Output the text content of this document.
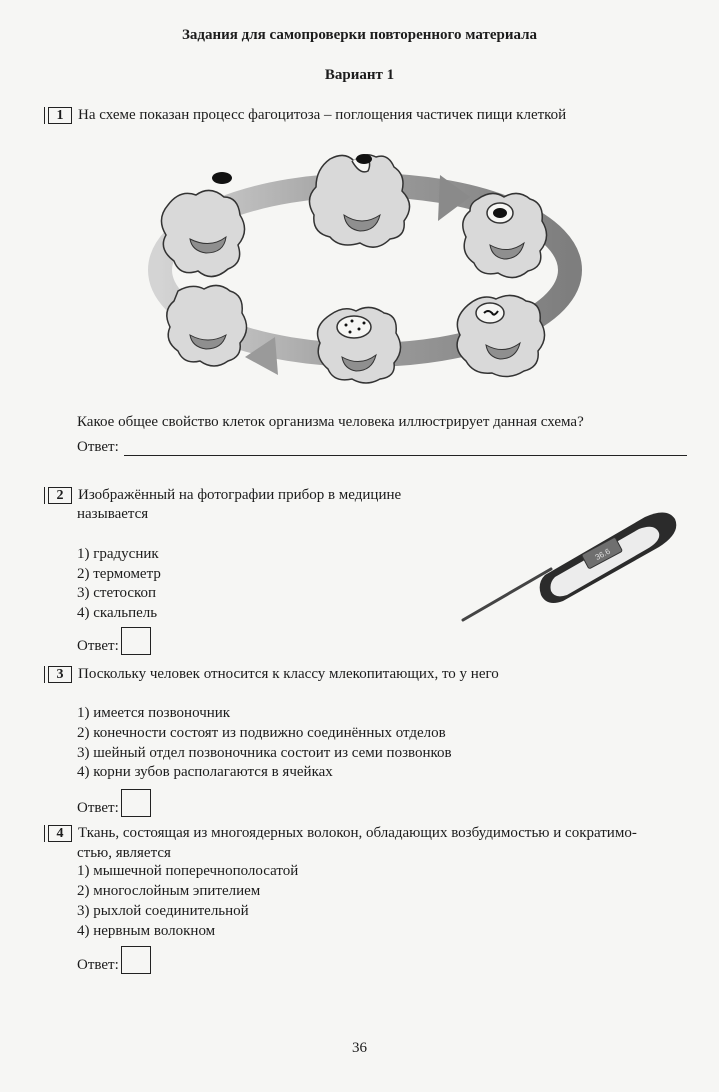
Задания для самопроверки повторенного материала
Вариант 1
1 На схеме показан процесс фагоцитоза – поглощения частичек пищи клеткой
Какое общее свойство клеток организма человека иллюстрирует данная схема?
Ответ:
2 Изображённый на фотографии прибор в медицине
называется
1) градусник
2) термометр
3) стетоскоп
4) скальпель
36.6
Ответ:
3 Поскольку человек относится к классу млекопитающих, то у него
1) имеется позвоночник
2) конечности состоят из подвижно соединённых отделов
3) шейный отдел позвоночника состоит из семи позвонков
4) корни зубов располагаются в ячейках
Ответ:
4 Ткань, состоящая из многоядерных волокон, обладающих возбудимостью и сократимо-
стью, является
1) мышечной поперечнополосатой
2) многослойным эпителием
3) рыхлой соединительной
4) нервным волокном
Ответ:
36
